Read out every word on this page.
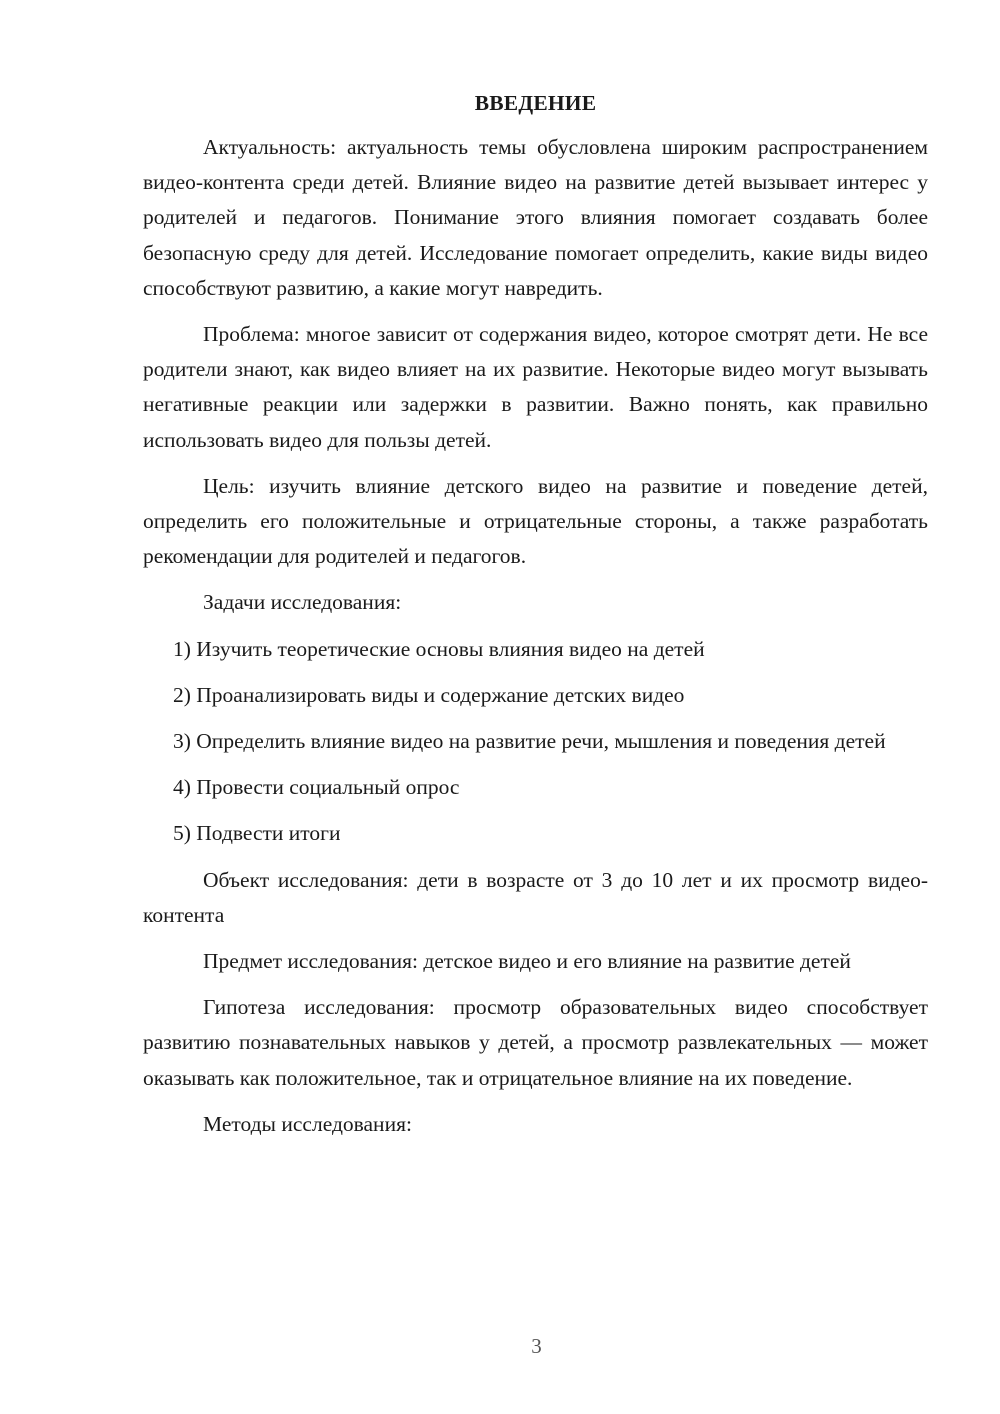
ВВЕДЕНИЕ

Актуальность: актуальность темы обусловлена широким распространением видео-контента среди детей. Влияние видео на развитие детей вызывает интерес у родителей и педагогов. Понимание этого влияния помогает создавать более безопасную среду для детей. Исследование помогает определить, какие виды видео способствуют развитию, а какие могут навредить.

Проблема: многое зависит от содержания видео, которое смотрят дети. Не все родители знают, как видео влияет на их развитие. Некоторые видео могут вызывать негативные реакции или задержки в развитии. Важно понять, как правильно использовать видео для пользы детей.

Цель: изучить влияние детского видео на развитие и поведение детей, определить его положительные и отрицательные стороны, а также разработать рекомендации для родителей и педагогов.

Задачи исследования:

1) Изучить теоретические основы влияния видео на детей

2) Проанализировать виды и содержание детских видео

3) Определить влияние видео на развитие речи, мышления и поведения детей

4) Провести социальный опрос

5) Подвести итоги

Объект исследования: дети в возрасте от 3 до 10 лет и их просмотр видео-контента

Предмет исследования: детское видео и его влияние на развитие детей

Гипотеза исследования: просмотр образовательных видео способствует развитию познавательных навыков у детей, а просмотр развлекательных — может оказывать как положительное, так и отрицательное влияние на их поведение.

Методы исследования:

3
